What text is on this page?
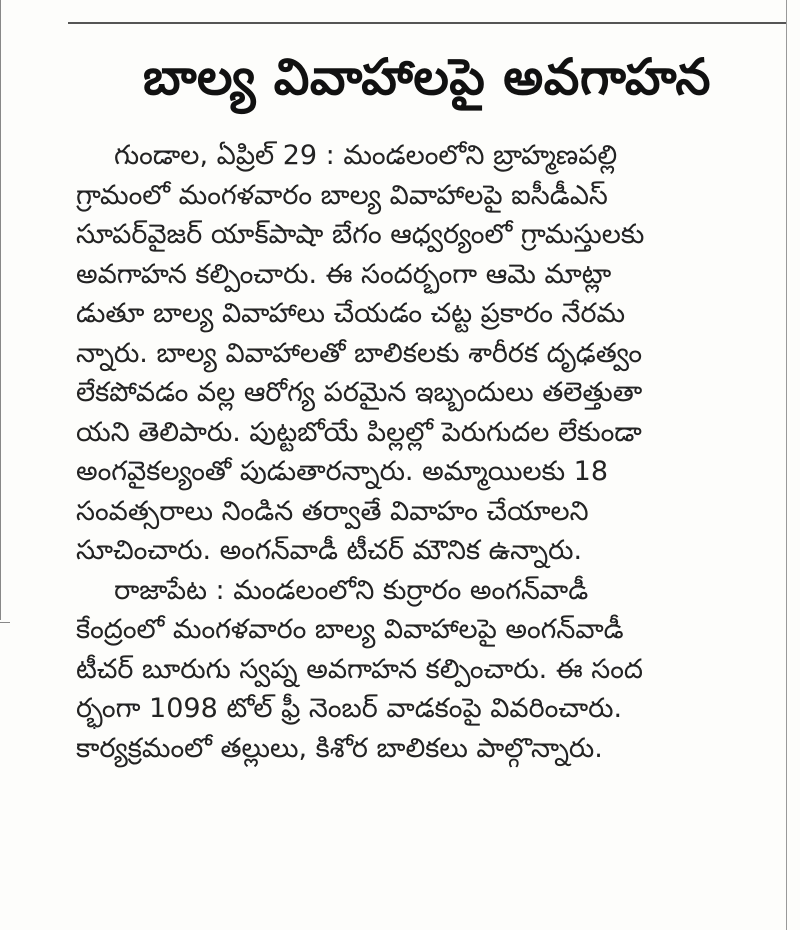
బాల్య వివాహాలపై అవగాహన
గుండాల, ఏప్రిల్ 29 : మండలంలోని బ్రాహ్మణపల్లి
గ్రామంలో మంగళవారం బాల్య వివాహాలపై ఐసీడీఎస్
సూపర్‌వైజర్ యాక్‌పాషా బేగం ఆధ్వర్యంలో గ్రామస్తులకు
అవగాహన కల్పించారు. ఈ సందర్భంగా ఆమె మాట్లా
డుతూ బాల్య వివాహాలు చేయడం చట్ట ప్రకారం నేరమ
న్నారు. బాల్య వివాహాలతో బాలికలకు శారీరక దృఢత్వం
లేకపోవడం వల్ల ఆరోగ్య పరమైన ఇబ్బందులు తలెత్తుతా
యని తెలిపారు. పుట్టబోయే పిల్లల్లో పెరుగుదల లేకుండా
అంగవైకల్యంతో పుడుతారన్నారు. అమ్మాయిలకు 18
సంవత్సరాలు నిండిన తర్వాతే వివాహం చేయాలని
సూచించారు. అంగన్‌వాడీ టీచర్ మౌనిక ఉన్నారు.
రాజాపేట : మండలంలోని కుర్రారం అంగన్‌వాడీ
కేంద్రంలో మంగళవారం బాల్య వివాహాలపై అంగన్‌వాడీ
టీచర్ బూరుగు స్వప్న అవగాహన కల్పించారు. ఈ సంద
ర్భంగా 1098 టోల్ ఫ్రీ నెంబర్ వాడకంపై వివరించారు.
కార్యక్రమంలో తల్లులు, కిశోర బాలికలు పాల్గొన్నారు.
